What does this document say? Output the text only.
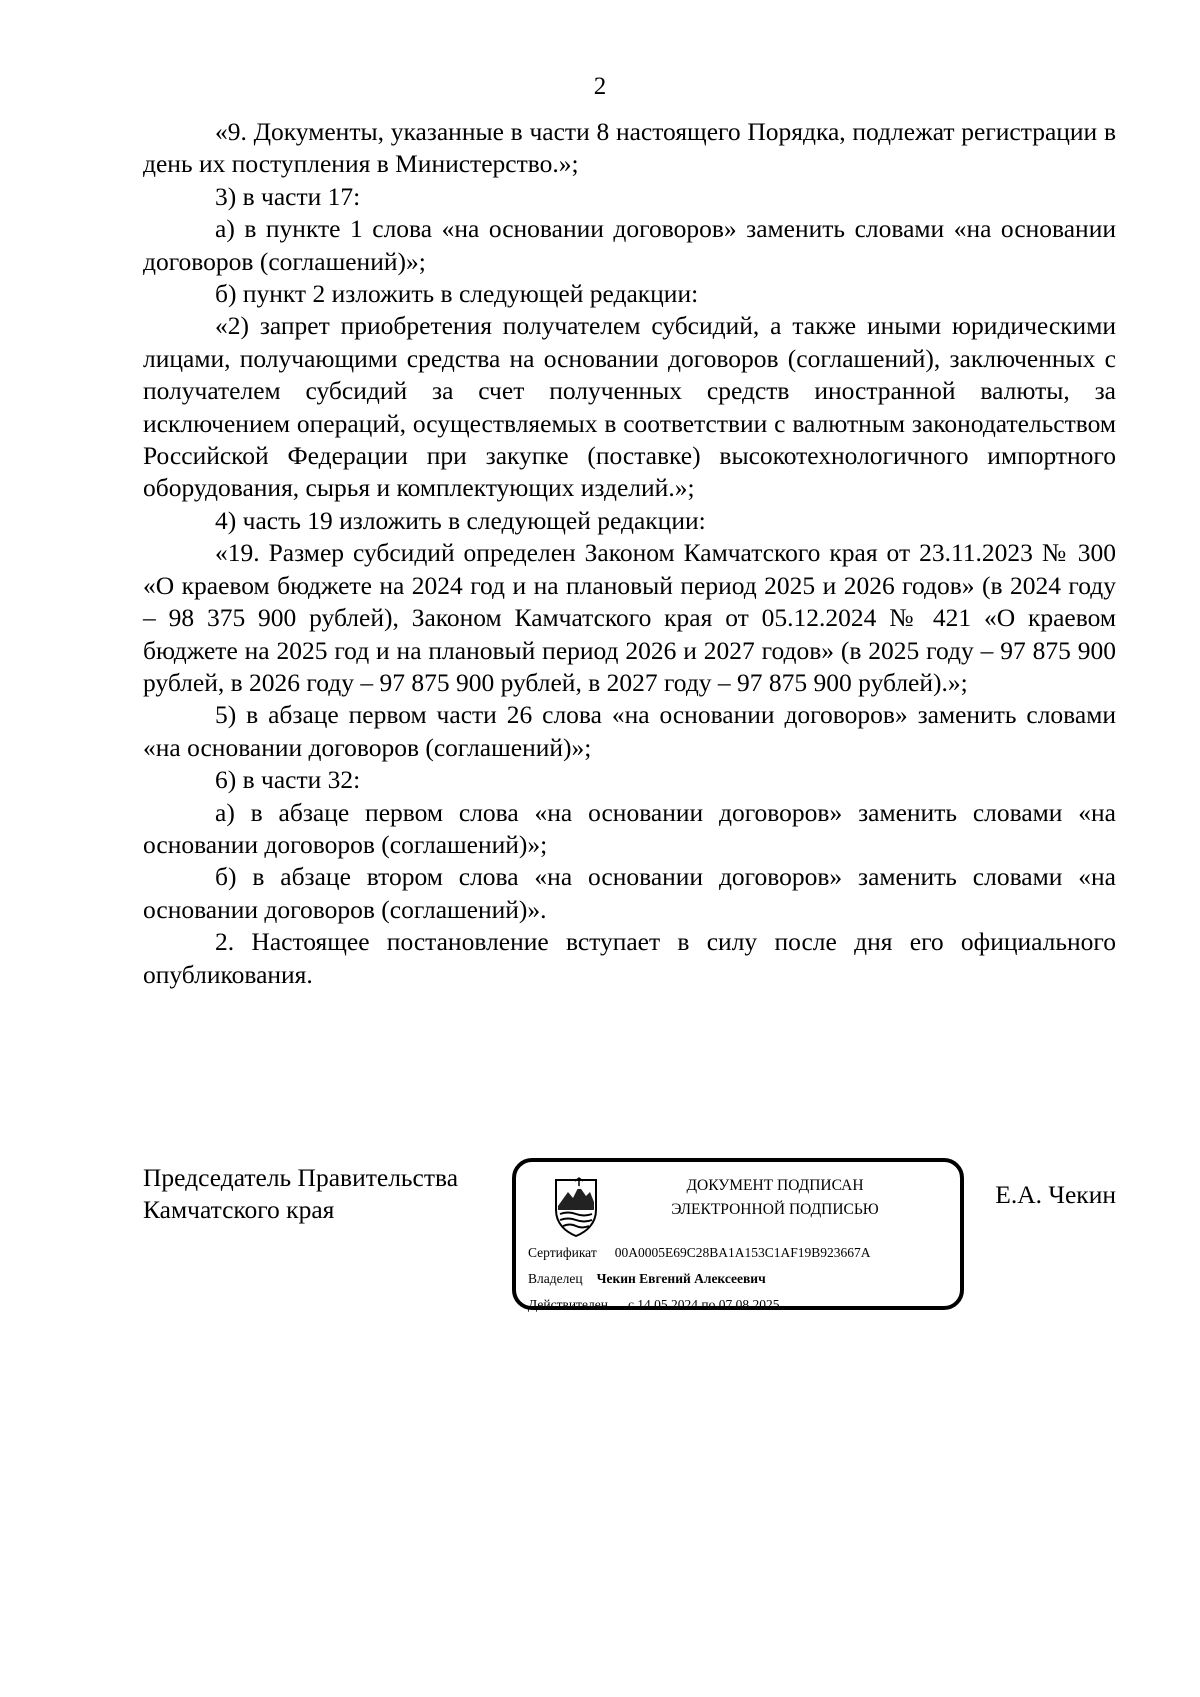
2

«9. Документы, указанные в части 8 настоящего Порядка, подлежат регистрации в день их поступления в Министерство.»;

3) в части 17:

а) в пункте 1 слова «на основании договоров» заменить словами «на основании договоров (соглашений)»;

б) пункт 2 изложить в следующей редакции:

«2) запрет приобретения получателем субсидий, а также иными юридическими лицами, получающими средства на основании договоров (соглашений), заключенных с получателем субсидий за счет полученных средств иностранной валюты, за исключением операций, осуществляемых в соответствии с валютным законодательством Российской Федерации при закупке (поставке) высокотехнологичного импортного оборудования, сырья и комплектующих изделий.»;

4) часть 19 изложить в следующей редакции:

«19. Размер субсидий определен Законом Камчатского края от 23.11.2023 № 300 «О краевом бюджете на 2024 год и на плановый период 2025 и 2026 годов» (в 2024 году – 98 375 900 рублей), Законом Камчатского края от 05.12.2024 № 421 «О краевом бюджете на 2025 год и на плановый период 2026 и 2027 годов» (в 2025 году – 97 875 900 рублей, в 2026 году – 97 875 900 рублей, в 2027 году – 97 875 900 рублей).»;

5) в абзаце первом части 26 слова «на основании договоров» заменить словами «на основании договоров (соглашений)»;

6) в части 32:

а) в абзаце первом слова «на основании договоров» заменить словами «на основании договоров (соглашений)»;

б) в абзаце втором слова «на основании договоров» заменить словами «на основании договоров (соглашений)».

2. Настоящее постановление вступает в силу после дня его официального опубликования.

Председатель Правительства
Камчатского края
ДОКУМЕНТ ПОДПИСАН
ЭЛЕКТРОННОЙ ПОДПИСЬЮ
Сертификат 00A0005E69C28BA1A153C1AF19B923667A
Владелец Чекин Евгений Алексеевич
Действителен с 14.05.2024 по 07.08.2025
Е.А. Чекин
